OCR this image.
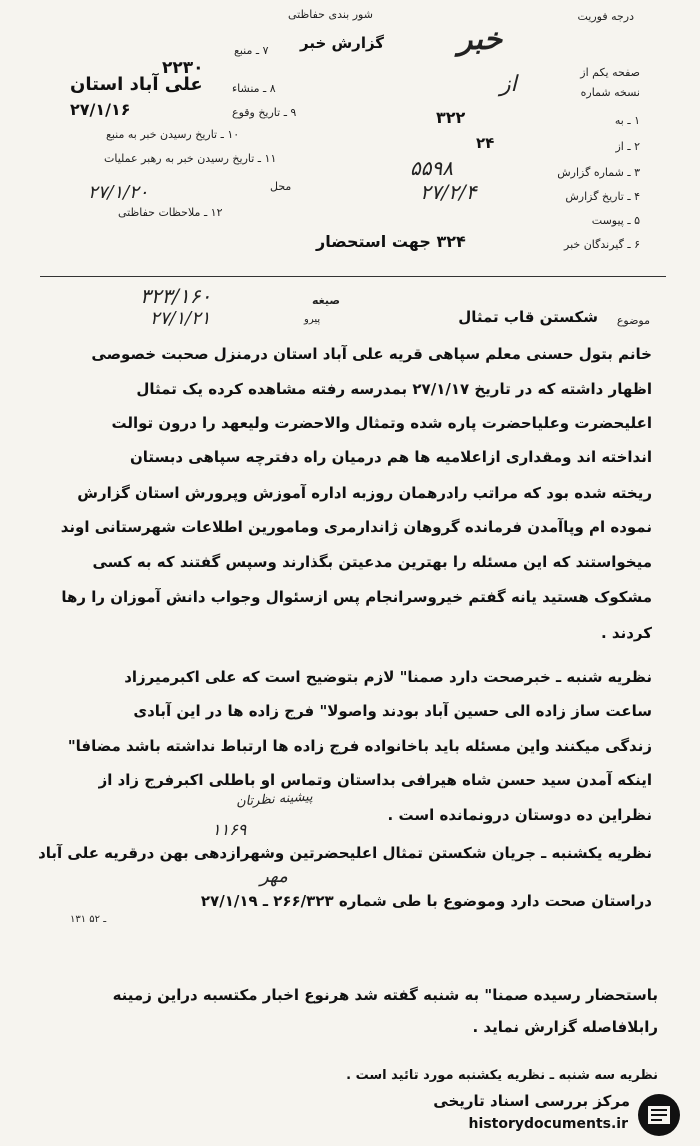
شور بندی حفاظتی	درجه فوریت
گزارش خبر خبر
صفحه یکم از
نسخه شماره
از
۱ ـ به
۳۲۲
۲ ـ از
۲۴
۳ ـ شماره گزارش
۵۵۹۸
۴ ـ تاریخ گزارش
۲۷/۲/۴
۵ ـ پیوست
۶ ـ گیرندگان خبر
۳۲۴ جهت استحضار
۷ ـ منبع
۲۲۳۰
۸ ـ منشاء
علی آباد استان
۹ ـ تاریخ وقوع
۲۷/۱/۱۶
۱۰ ـ تاریخ رسیدن خبر به منبع
۱۱ ـ تاریخ رسیدن خبر به رهبر عملیات
محل
۲۷/۱/۲۰
۱۲ ـ ملاحظات حفاظتی
۳۲۳/۱۶۰
۲۷/۱/۲۱
صیغه
پیرو	موضوع
شکستن قاب تمثال
خانم بتول حسنی معلم سپاهی قریه علی آباد استان درمنزل صحبت خصوصی
اظهار داشته که در تاریخ ۲۷/۱/۱۷ بمدرسه رفته مشاهده کرده یک تمثال
اعلیحضرت وعلیاحضرت پاره شده وتمثال والاحضرت ولیعهد را درون توالت
انداخته اند ومقداری ازاعلامیه ها هم درمیان راه دفترچه سپاهی دبستان
ریخته شده بود که مراتب رادرهمان روزبه اداره آموزش وپرورش استان گزارش
نموده ام وپاآمدن فرمانده گروهان ژاندارمری ومامورین اطلاعات شهرستانی اوند
میخواستند که این مسئله را بهترین مدعیتن بگذارند وسپس گفتند که به کسی
مشکوک هستید یانه گفتم خیروسرانجام پس ازسئوال وجواب دانش آموزان را رها
کردند .
نظریه شنبه ـ خبرصحت دارد صمنا" لازم بتوضیح است که علی اکبرمیرزاد
ساعت ساز زاده الی حسین آباد بودند واصولا" فرج زاده ها در این آبادی
زندگی میکنند واین مسئله باید باخانواده فرج زاده ها ارتباط نداشته باشد مضافا"
اینکه آمدن سید حسن شاه هیرافی بداستان وتماس او باطلی اکبرفرج زاد از
نظراین ده دوستان درونمانده است .
پیشینه نظرتان
۱۱۶۹
نظریه یکشنبه ـ جریان شکستن تمثال اعلیحضرتین وشهرازدهی بهن درقریه علی آباد
دراستان صحت دارد وموضوع با طی شماره ۲۶۶/۳۲۳ ـ ۲۷/۱/۱۹
مهر
۱۳۱ ـ ۵۲
باستحضار رسیده صمنا" به شنبه گفته شد هرنوع اخبار مکتسبه دراین زمینه
رابلافاصله گزارش نماید .
نظریه سه شنبه ـ نظریه یکشنبه مورد تائید است .
مرکز بررسی اسناد تاریخی
historydocuments.ir
